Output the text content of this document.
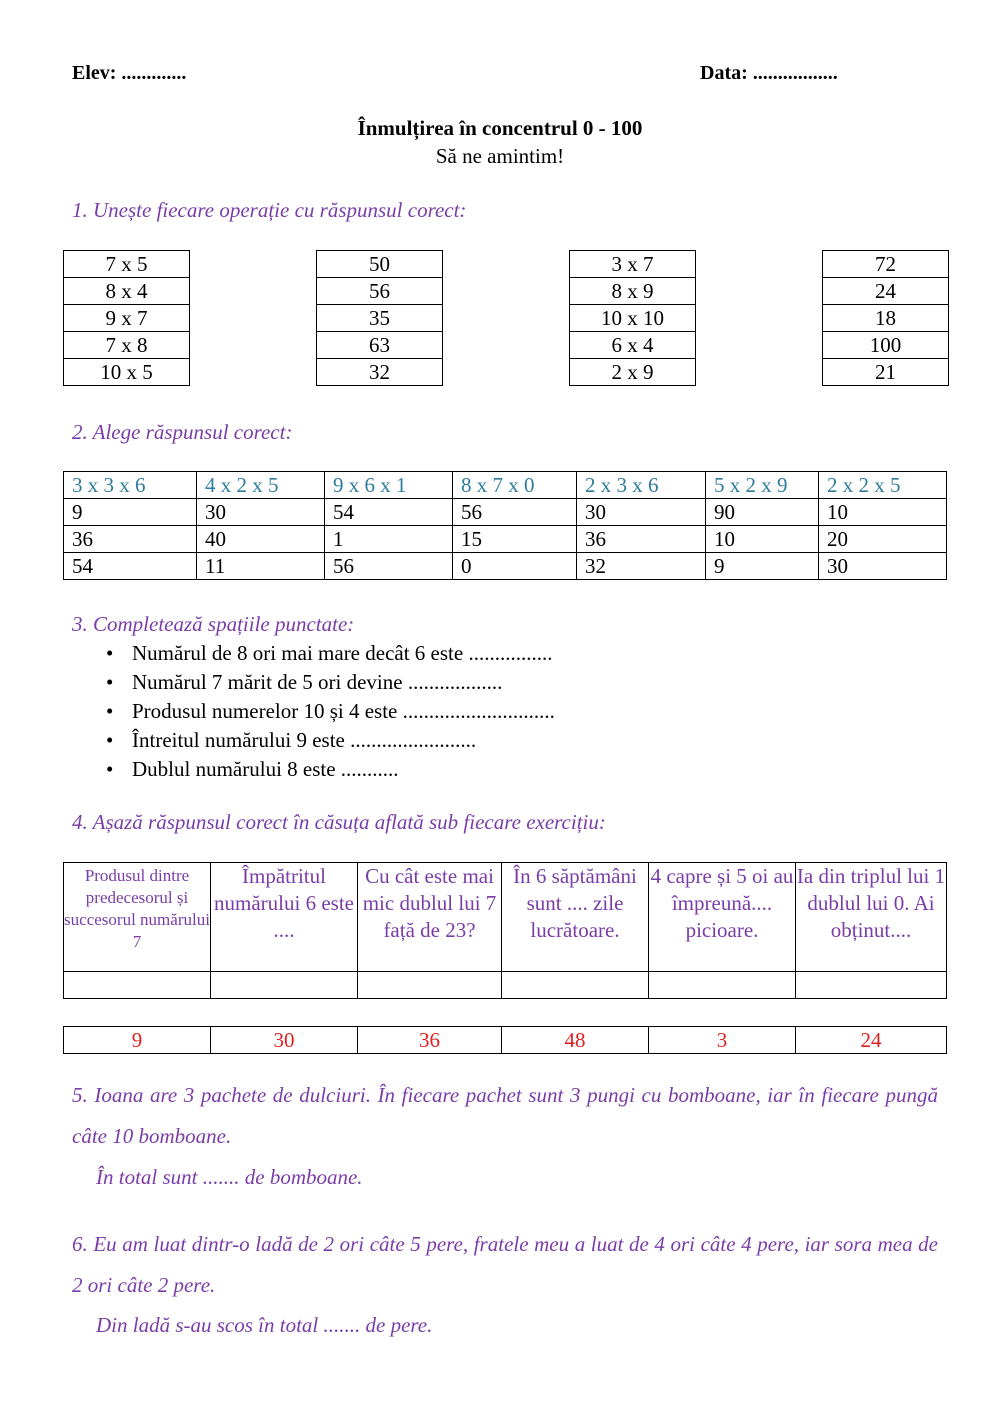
Elev: .............	Data: .................
Înmulțirea în concentrul 0 - 100
Să ne amintim!
1. Unește fiecare operație cu răspunsul corect:
7 x 5
8 x 4
9 x 7
7 x 8
10 x 5
50
56
35
63
32
3 x 7
8 x 9
10 x 10
6 x 4
2 x 9
72
24
18
100
21
2. Alege răspunsul corect:
3 x 3 x 6	4 x 2 x 5	9 x 6 x 1	8 x 7 x 0	2 x 3 x 6	5 x 2 x 9	2 x 2 x 5
9	30	54	56	30	90	10
36	40	1	15	36	10	20
54	11	56	0	32	9	30
3. Completează spațiile punctate:
• Numărul de 8 ori mai mare decât 6 este ................
• Numărul 7 mărit de 5 ori devine ..................
• Produsul numerelor 10 și 4 este .............................
• Întreitul numărului 9 este ........................
• Dublul numărului 8 este ...........
4. Așază răspunsul corect în căsuța aflată sub fiecare exercițiu:
Produsul dintre predecesorul și succesorul numărului 7	Împătritul numărului 6 este ....	Cu cât este mai mic dublul lui 7 față de 23?	În 6 săptămâni sunt .... zile lucrătoare.	4 capre și 5 oi au împreună.... picioare.	Ia din triplul lui 1 dublul lui 0. Ai obținut....

9	30	36	48	3	24
5. Ioana are 3 pachete de dulciuri. În fiecare pachet sunt 3 pungi cu bomboane, iar în fiecare pungă câte 10 bomboane.
În total sunt ....... de bomboane.
6. Eu am luat dintr-o ladă de 2 ori câte 5 pere, fratele meu a luat de 4 ori câte 4 pere, iar sora mea de 2 ori câte 2 pere.
Din ladă s-au scos în total ....... de pere.
